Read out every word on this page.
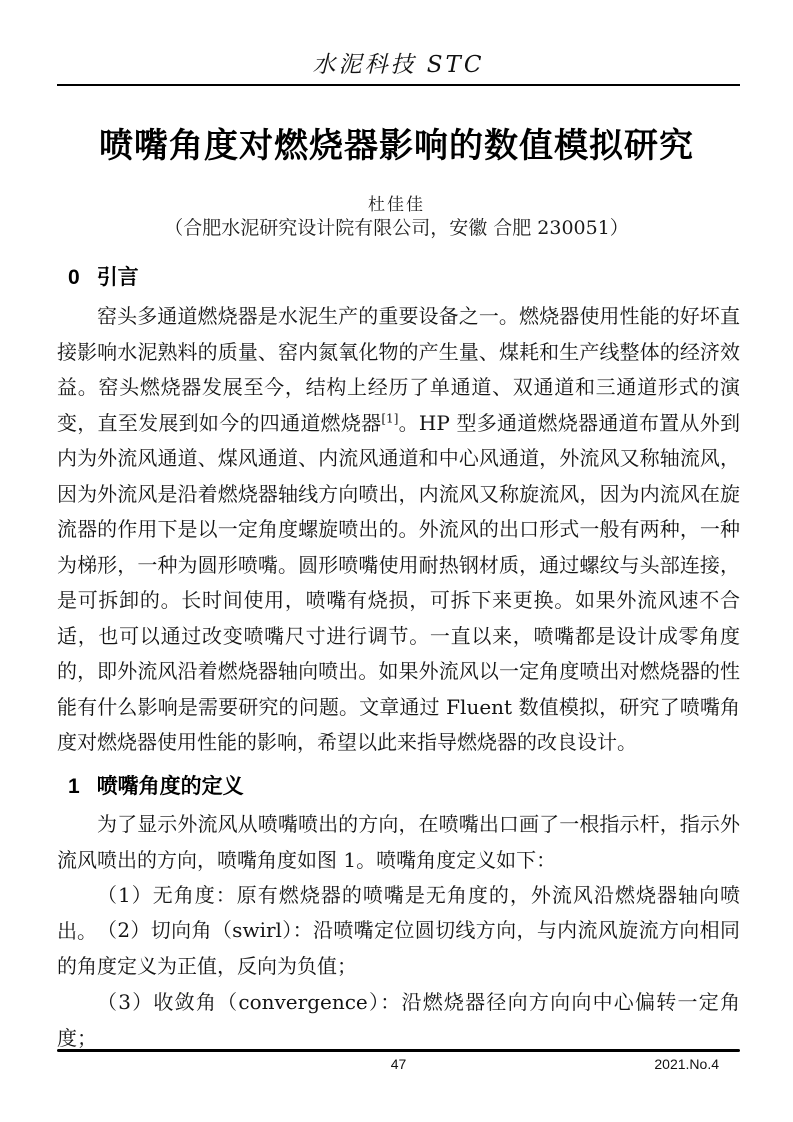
水泥科技 STC
喷嘴角度对燃烧器影响的数值模拟研究
杜佳佳
（合肥水泥研究设计院有限公司，安徽 合肥 230051）
0 引言
窑头多通道燃烧器是水泥生产的重要设备之一。燃烧器使用性能的好坏直接影响水泥熟料的质量、窑内氮氧化物的产生量、煤耗和生产线整体的经济效益。窑头燃烧器发展至今，结构上经历了单通道、双通道和三通道形式的演变，直至发展到如今的四通道燃烧器[1]。HP 型多通道燃烧器通道布置从外到内为外流风通道、煤风通道、内流风通道和中心风通道，外流风又称轴流风，因为外流风是沿着燃烧器轴线方向喷出，内流风又称旋流风，因为内流风在旋流器的作用下是以一定角度螺旋喷出的。外流风的出口形式一般有两种，一种为梯形，一种为圆形喷嘴。圆形喷嘴使用耐热钢材质，通过螺纹与头部连接，是可拆卸的。长时间使用，喷嘴有烧损，可拆下来更换。如果外流风速不合适，也可以通过改变喷嘴尺寸进行调节。一直以来，喷嘴都是设计成零角度的，即外流风沿着燃烧器轴向喷出。如果外流风以一定角度喷出对燃烧器的性能有什么影响是需要研究的问题。文章通过 Fluent 数值模拟，研究了喷嘴角度对燃烧器使用性能的影响，希望以此来指导燃烧器的改良设计。
1 喷嘴角度的定义
为了显示外流风从喷嘴喷出的方向，在喷嘴出口画了一根指示杆，指示外流风喷出的方向，喷嘴角度如图 1。喷嘴角度定义如下：
（1）无角度：原有燃烧器的喷嘴是无角度的，外流风沿燃烧器轴向喷出。 （2）切向角（swirl）：沿喷嘴定位圆切线方向，与内流风旋流方向相同的角度定义为正值，反向为负值；
（3）收敛角（convergence）：沿燃烧器径向方向向中心偏转一定角度；
47	2021.No.4
